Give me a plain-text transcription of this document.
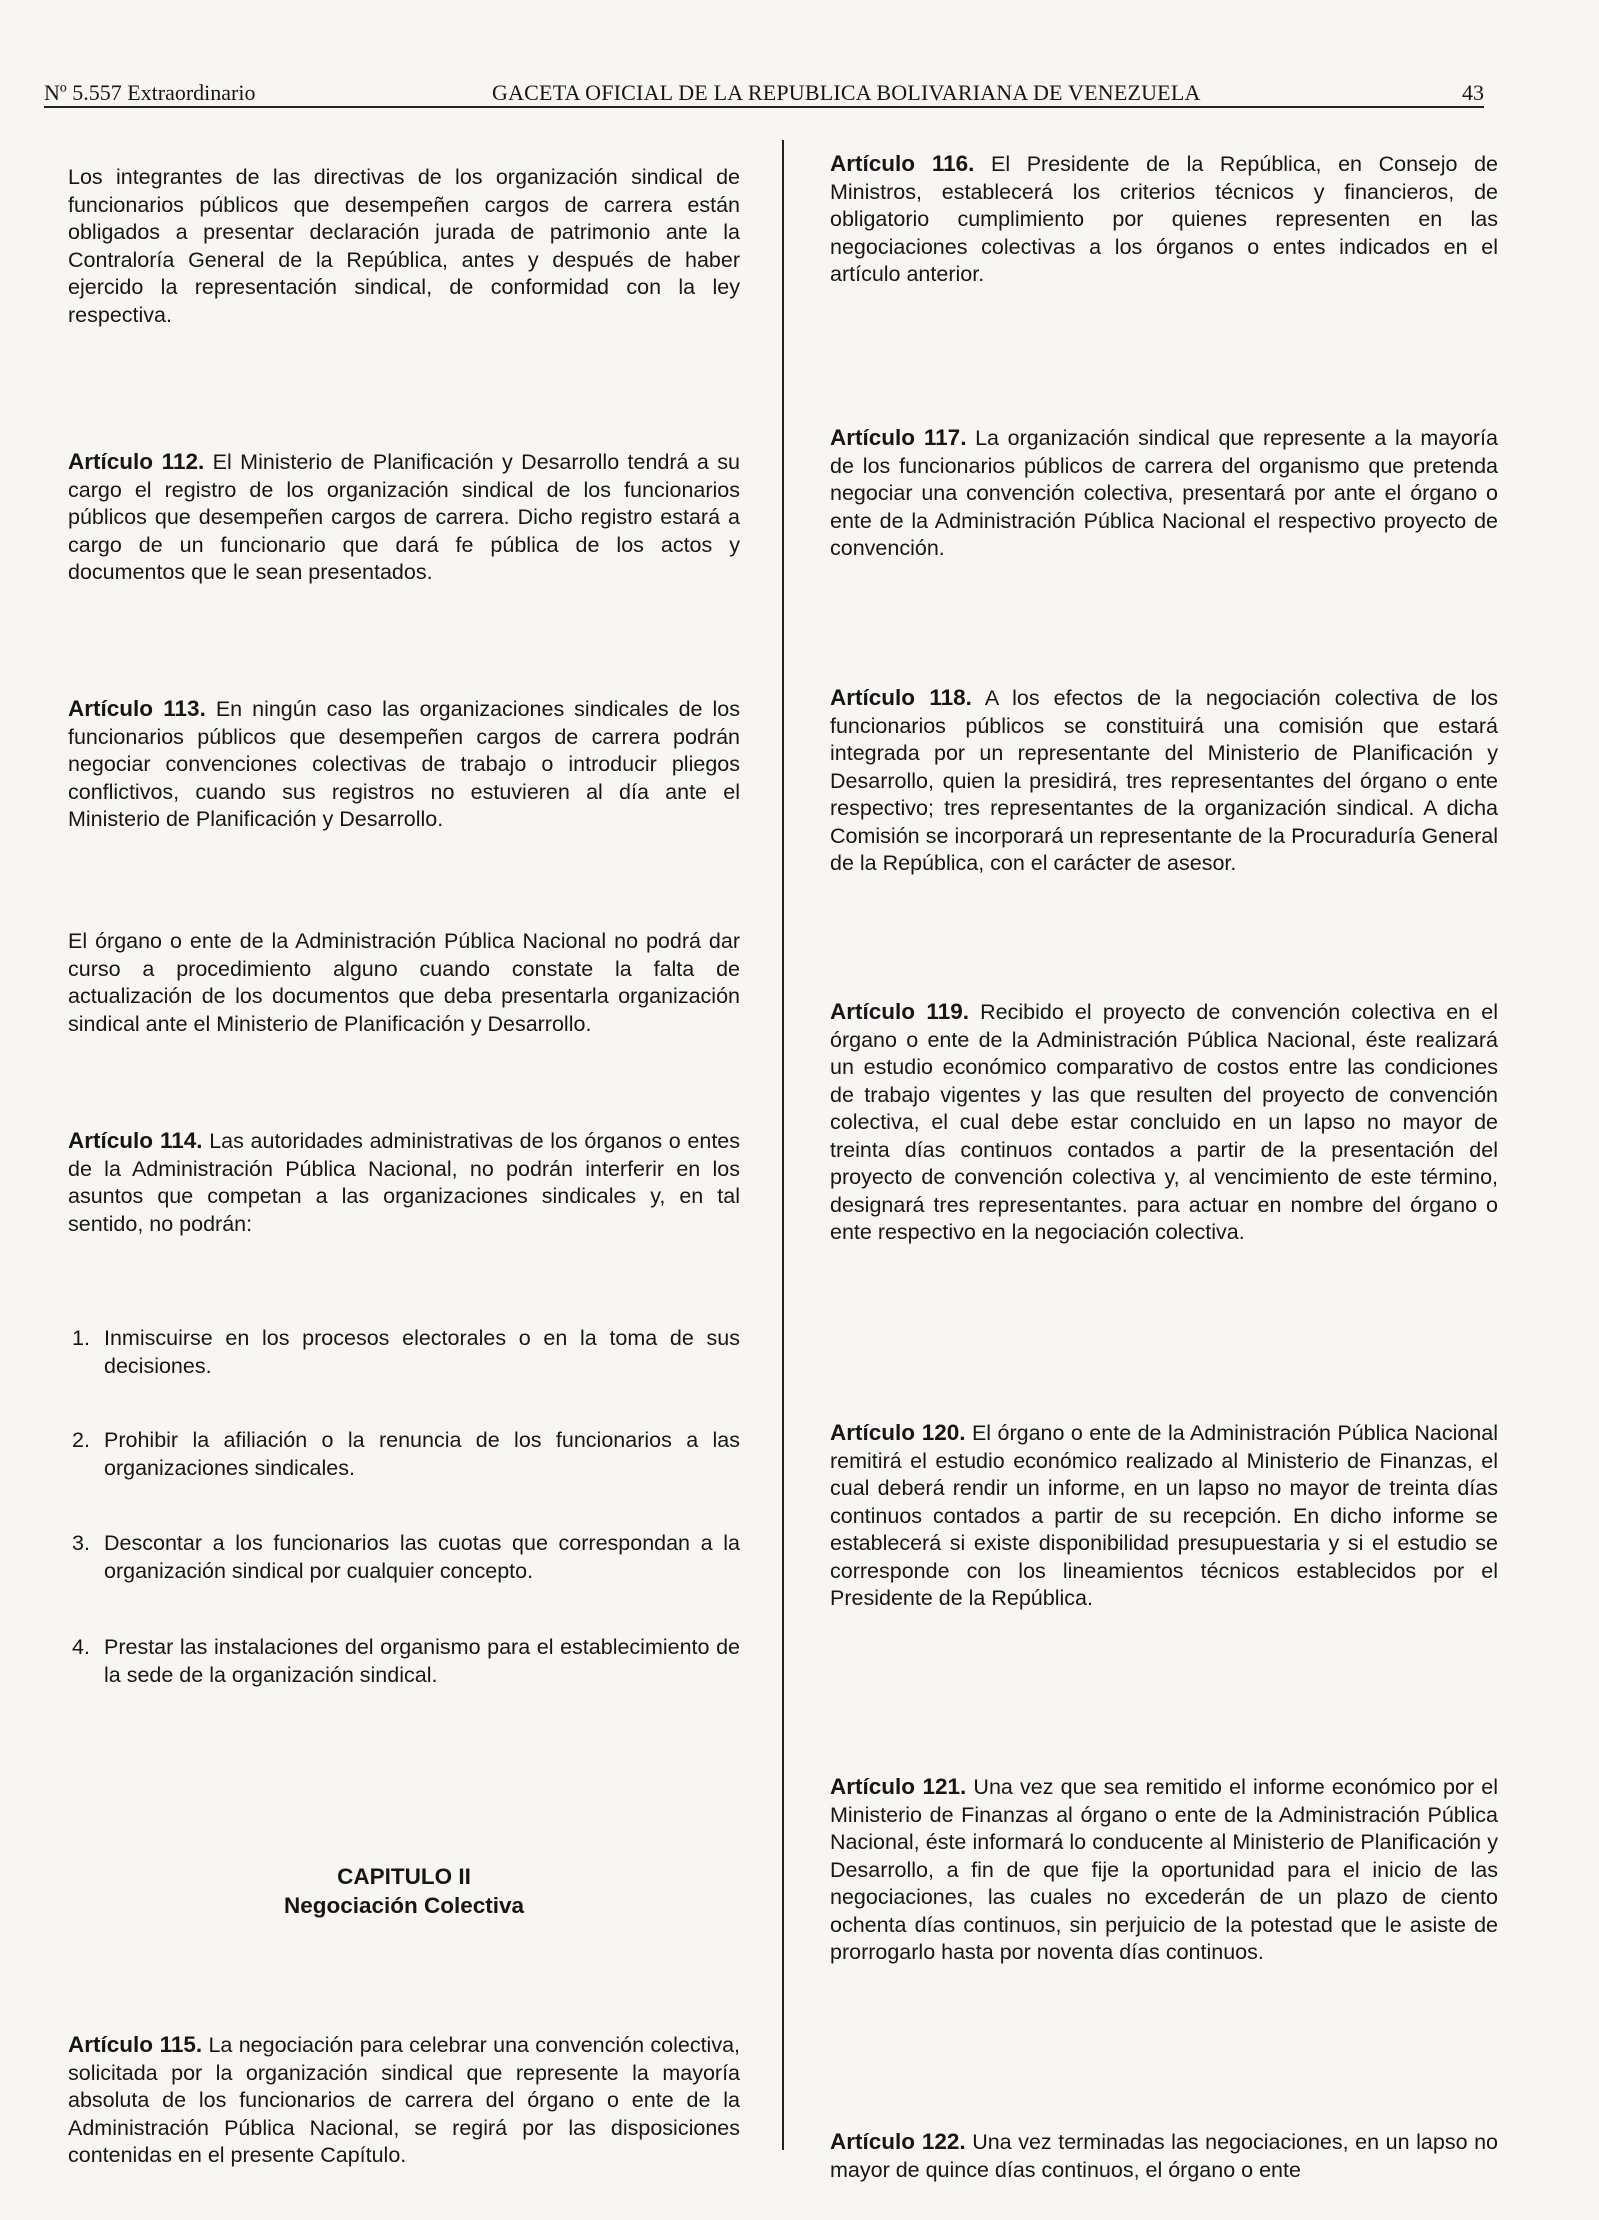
Nº 5.557 Extraordinario	GACETA OFICIAL DE LA REPUBLICA BOLIVARIANA DE VENEZUELA	43

Los integrantes de las directivas de los organización sindical de funcionarios públicos que desempeñen cargos de carrera están obligados a presentar declaración jurada de patrimonio ante la Contraloría General de la República, antes y después de haber ejercido la representación sindical, de conformidad con la ley respectiva.

Artículo 112. El Ministerio de Planificación y Desarrollo tendrá a su cargo el registro de los organización sindical de los funcionarios públicos que desempeñen cargos de carrera. Dicho registro estará a cargo de un funcionario que dará fe pública de los actos y documentos que le sean presentados.

Artículo 113. En ningún caso las organizaciones sindicales de los funcionarios públicos que desempeñen cargos de carrera podrán negociar convenciones colectivas de trabajo o introducir pliegos conflictivos, cuando sus registros no estuvieren al día ante el Ministerio de Planificación y Desarrollo.

El órgano o ente de la Administración Pública Nacional no podrá dar curso a procedimiento alguno cuando constate la falta de actualización de los documentos que deba presentarla organización sindical ante el Ministerio de Planificación y Desarrollo.

Artículo 114. Las autoridades administrativas de los órganos o entes de la Administración Pública Nacional, no podrán interferir en los asuntos que competan a las organizaciones sindicales y, en tal sentido, no podrán:

1. Inmiscuirse en los procesos electorales o en la toma de sus decisiones.
2. Prohibir la afiliación o la renuncia de los funcionarios a las organizaciones sindicales.
3. Descontar a los funcionarios las cuotas que correspondan a la organización sindical por cualquier concepto.
4. Prestar las instalaciones del organismo para el establecimiento de la sede de la organización sindical.
CAPITULO II
Negociación Colectiva

Artículo 115. La negociación para celebrar una convención colectiva, solicitada por la organización sindical que represente la mayoría absoluta de los funcionarios de carrera del órgano o ente de la Administración Pública Nacional, se regirá por las disposiciones contenidas en el presente Capítulo.

Artículo 116. El Presidente de la República, en Consejo de Ministros, establecerá los criterios técnicos y financieros, de obligatorio cumplimiento por quienes representen en las negociaciones colectivas a los órganos o entes indicados en el artículo anterior.

Artículo 117. La organización sindical que represente a la mayoría de los funcionarios públicos de carrera del organismo que pretenda negociar una convención colectiva, presentará por ante el órgano o ente de la Administración Pública Nacional el respectivo proyecto de convención.

Artículo 118. A los efectos de la negociación colectiva de los funcionarios públicos se constituirá una comisión que estará integrada por un representante del Ministerio de Planificación y Desarrollo, quien la presidirá, tres representantes del órgano o ente respectivo; tres representantes de la organización sindical. A dicha Comisión se incorporará un representante de la Procuraduría General de la República, con el carácter de asesor.

Artículo 119. Recibido el proyecto de convención colectiva en el órgano o ente de la Administración Pública Nacional, éste realizará un estudio económico comparativo de costos entre las condiciones de trabajo vigentes y las que resulten del proyecto de convención colectiva, el cual debe estar concluido en un lapso no mayor de treinta días continuos contados a partir de la presentación del proyecto de convención colectiva y, al vencimiento de este término, designará tres representantes. para actuar en nombre del órgano o ente respectivo en la negociación colectiva.

Artículo 120. El órgano o ente de la Administración Pública Nacional remitirá el estudio económico realizado al Ministerio de Finanzas, el cual deberá rendir un informe, en un lapso no mayor de treinta días continuos contados a partir de su recepción. En dicho informe se establecerá si existe disponibilidad presupuestaria y si el estudio se corresponde con los lineamientos técnicos establecidos por el Presidente de la República.

Artículo 121. Una vez que sea remitido el informe económico por el Ministerio de Finanzas al órgano o ente de la Administración Pública Nacional, éste informará lo conducente al Ministerio de Planificación y Desarrollo, a fin de que fije la oportunidad para el inicio de las negociaciones, las cuales no excederán de un plazo de ciento ochenta días continuos, sin perjuicio de la potestad que le asiste de prorrogarlo hasta por noventa días continuos.

Artículo 122. Una vez terminadas las negociaciones, en un lapso no mayor de quince días continuos, el órgano o ente
